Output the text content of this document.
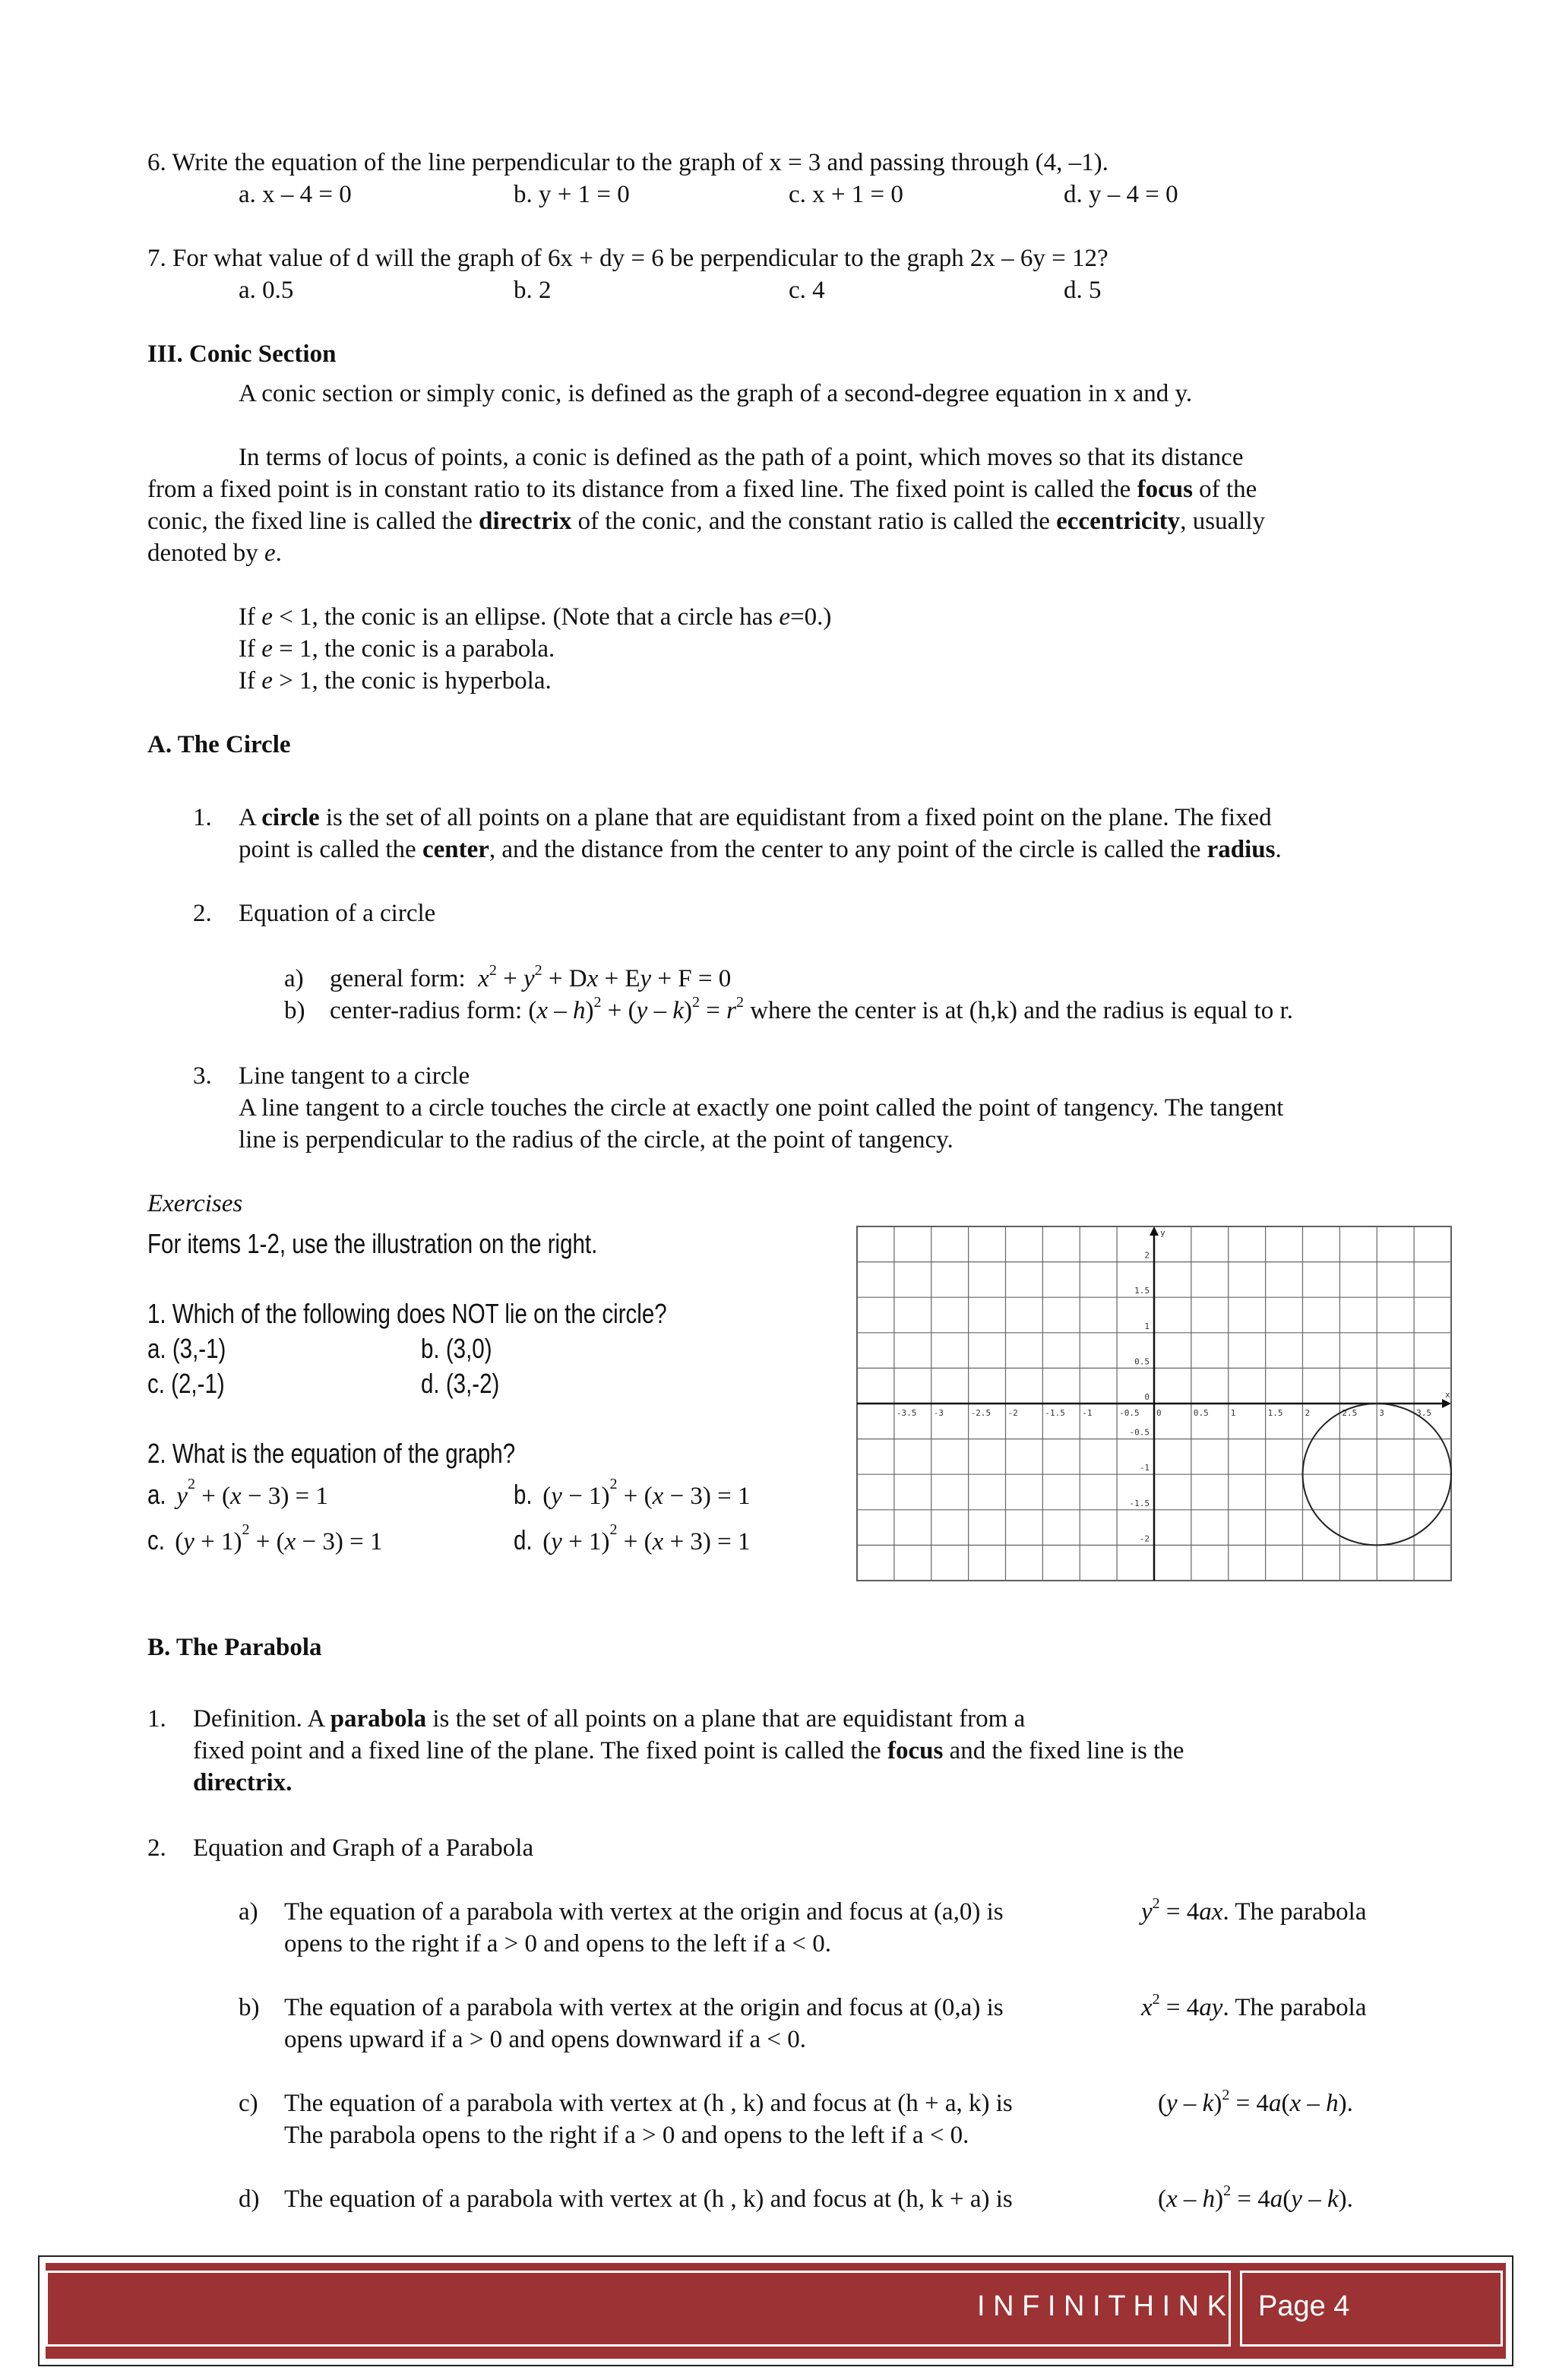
6. Write the equation of the line perpendicular to the graph of x = 3 and passing through (4, –1).
a. x – 4 = 0	b. y + 1 = 0	c. x + 1 = 0	d. y – 4 = 0
7. For what value of d will the graph of 6x + dy = 6 be perpendicular to the graph 2x – 6y = 12?
a. 0.5	b. 2	c. 4	d. 5
III. Conic Section
A conic section or simply conic, is defined as the graph of a second-degree equation in x and y.
In terms of locus of points, a conic is defined as the path of a point, which moves so that its distance
from a fixed point is in constant ratio to its distance from a fixed line. The fixed point is called the focus of the
conic, the fixed line is called the directrix of the conic, and the constant ratio is called the eccentricity, usually
denoted by e.
If e < 1, the conic is an ellipse. (Note that a circle has e=0.)
If e = 1, the conic is a parabola.
If e > 1, the conic is hyperbola.
A. The Circle
1. A circle is the set of all points on a plane that are equidistant from a fixed point on the plane. The fixed
point is called the center, and the distance from the center to any point of the circle is called the radius.
2. Equation of a circle
a) general form: $x^2 + y^2 + Dx + Ey + F = 0$
b) center-radius form: $(x - h)^2 + (y - k)^2 = r^2$ where the center is at (h,k) and the radius is equal to r.
3. Line tangent to a circle
A line tangent to a circle touches the circle at exactly one point called the point of tangency. The tangent
line is perpendicular to the radius of the circle, at the point of tangency.
Exercises
For items 1-2, use the illustration on the right.
1. Which of the following does NOT lie on the circle?
a. (3,-1)	b. (3,0)
c. (2,-1)	d. (3,-2)
2. What is the equation of the graph?
a. $y^2 + (x - 3) = 1$	b. $(y - 1)^2 + (x - 3) = 1$
c. $(y + 1)^2 + (x - 3) = 1$	d. $(y + 1)^2 + (x + 3) = 1$
x
y
-3.5 -3	-2.5 -2	-1.5 -1	-0.5 0	0.5	1	1.5	2	2.5	3	3.5
2
1.5
1
0.5
0
-0.5
-1
-1.5
-2
B. The Parabola
1. Definition. A parabola is the set of all points on a plane that are equidistant from a
fixed point and a fixed line of the plane. The fixed point is called the focus and the fixed line is the
directrix.
2. Equation and Graph of a Parabola
a) The equation of a parabola with vertex at the origin and focus at (a,0) is	$y^2 = 4ax$. The parabola
opens to the right if a > 0 and opens to the left if a < 0.
b) The equation of a parabola with vertex at the origin and focus at (0,a) is	$x^2 = 4ay$. The parabola
opens upward if a > 0 and opens downward if a < 0.
c) The equation of a parabola with vertex at (h , k) and focus at (h + a, k) is	(y – k)$^2$ = 4a(x – h).
The parabola opens to the right if a > 0 and opens to the left if a < 0.
d) The equation of a parabola with vertex at (h , k) and focus at (h, k + a) is	(x – h)$^2$ = 4a(y – k).
I N F I N I T H I N K Page 4
